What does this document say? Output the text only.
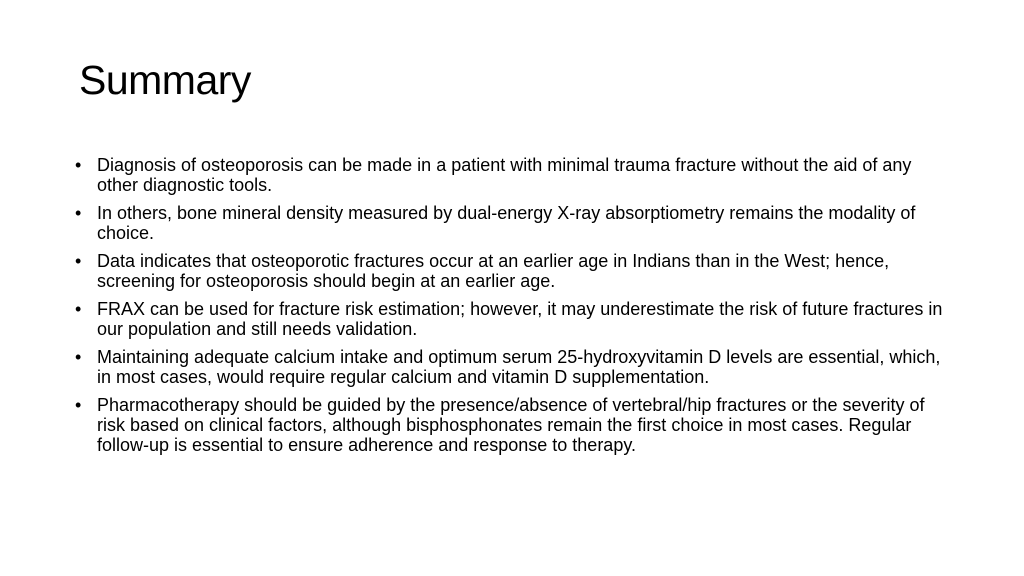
Summary
• Diagnosis of osteoporosis can be made in a patient with minimal trauma fracture without the aid of any other diagnostic tools.
• In others, bone mineral density measured by dual-energy X-ray absorptiometry remains the modality of choice.
• Data indicates that osteoporotic fractures occur at an earlier age in Indians than in the West; hence, screening for osteoporosis should begin at an earlier age.
• FRAX can be used for fracture risk estimation; however, it may underestimate the risk of future fractures in our population and still needs validation.
• Maintaining adequate calcium intake and optimum serum 25-hydroxyvitamin D levels are essential, which, in most cases, would require regular calcium and vitamin D supplementation.
• Pharmacotherapy should be guided by the presence/absence of vertebral/hip fractures or the severity of risk based on clinical factors, although bisphosphonates remain the first choice in most cases. Regular follow-up is essential to ensure adherence and response to therapy.
